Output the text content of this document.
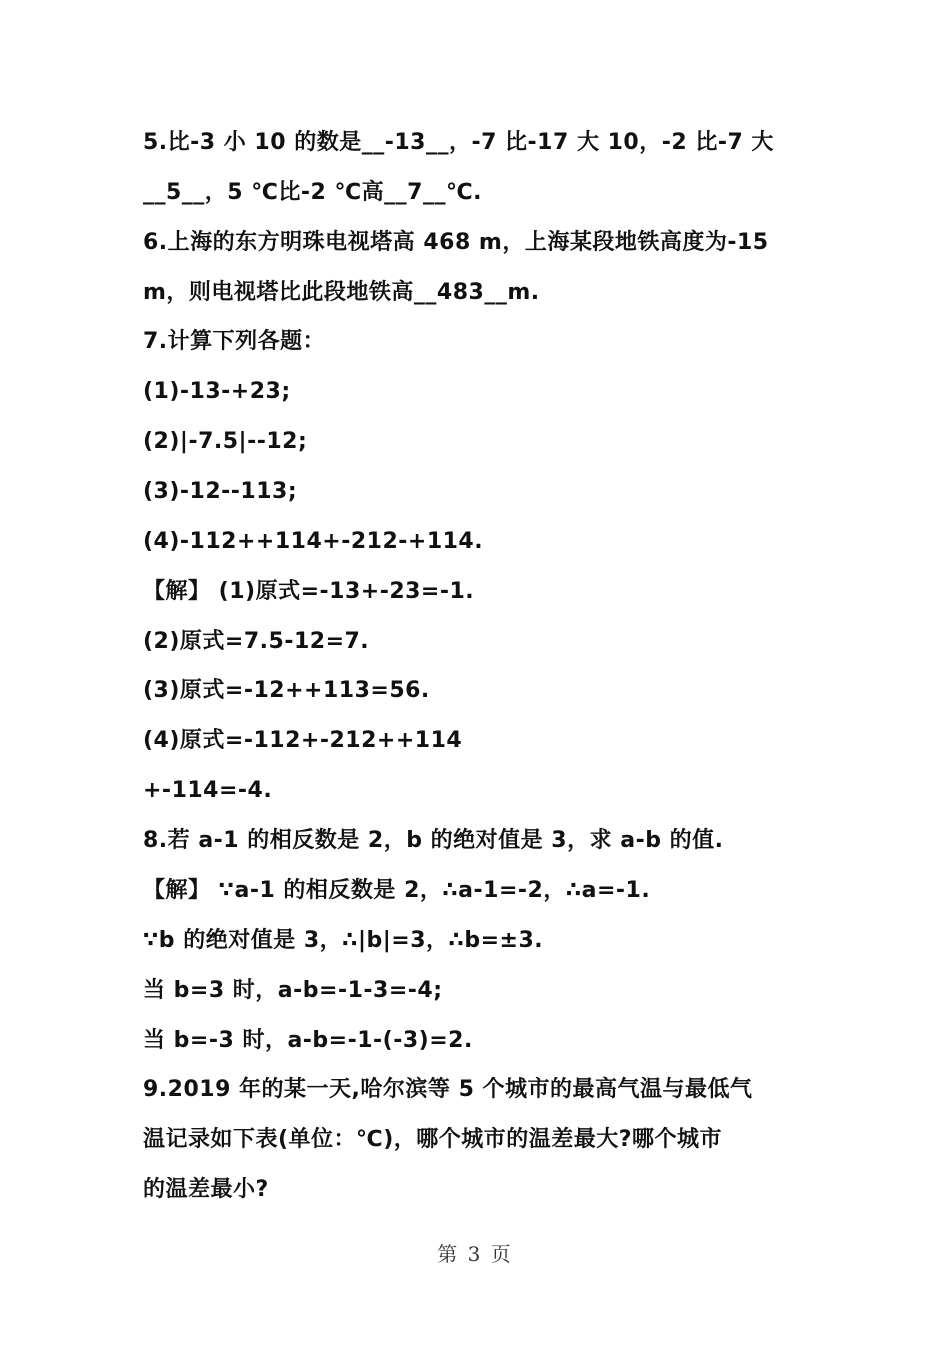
5.比-3 小 10 的数是__-13__，-7 比-17 大 10，-2 比-7 大
__5__，5 ℃比-2 ℃高__7__℃.
6.上海的东方明珠电视塔高 468 m，上海某段地铁高度为-15
m，则电视塔比此段地铁高__483__m.
7.计算下列各题：
(1)-13-+23;
(2)|-7.5|--12;
(3)-12--113;
(4)-112++114+-212-+114.
【解】 (1)原式=-13+-23=-1.
(2)原式=7.5-12=7.
(3)原式=-12++113=56.
(4)原式=-112+-212++114
+-114=-4.
8.若 a-1 的相反数是 2，b 的绝对值是 3，求 a-b 的值.
【解】 ∵a-1 的相反数是 2，∴a-1=-2，∴a=-1.
∵b 的绝对值是 3，∴|b|=3，∴b=±3.
当 b=3 时，a-b=-1-3=-4;
当 b=-3 时，a-b=-1-(-3)=2.
9.2019 年的某一天,哈尔滨等 5 个城市的最高气温与最低气
温记录如下表(单位：℃)，哪个城市的温差最大?哪个城市
的温差最小?
第 3 页
